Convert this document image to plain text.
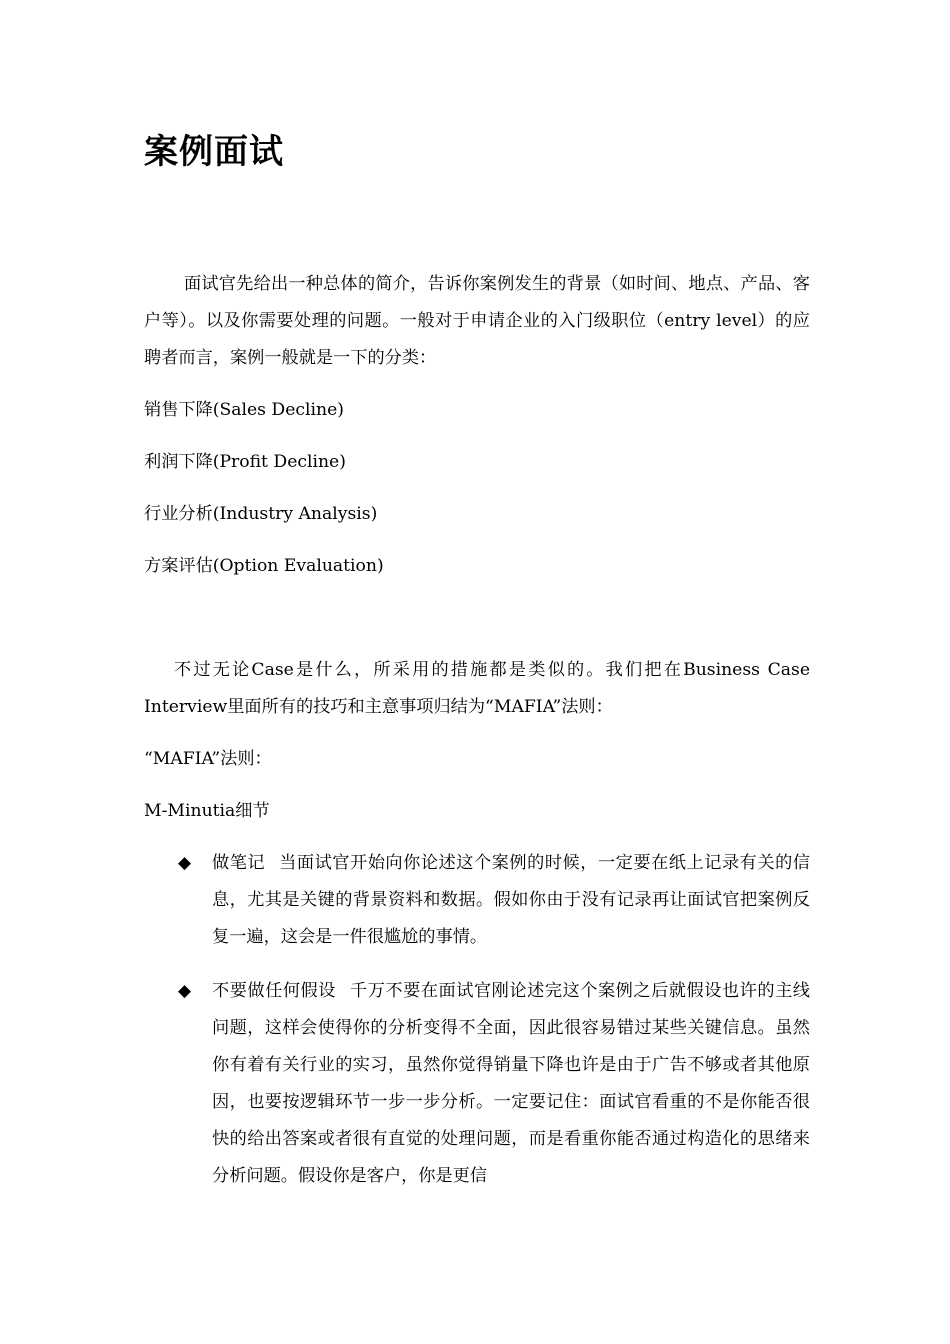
案例面试

面试官先给出一种总体的简介，告诉你案例发生的背景（如时间、地点、产品、客户等）。以及你需要处理的问题。一般对于申请企业的入门级职位（entry level）的应聘者而言，案例一般就是一下的分类：

销售下降(Sales Decline)

利润下降(Profit Decline)

行业分析(Industry Analysis)

方案评估(Option Evaluation)

不过无论Case是什么，所采用的措施都是类似的。我们把在Business Case Interview里面所有的技巧和主意事项归结为“MAFIA”法则：

“MAFIA”法则：

M-Minutia细节

◆ 做笔记 当面试官开始向你论述这个案例的时候，一定要在纸上记录有关的信息，尤其是关键的背景资料和数据。假如你由于没有记录再让面试官把案例反复一遍，这会是一件很尴尬的事情。

◆ 不要做任何假设 千万不要在面试官刚论述完这个案例之后就假设也许的主线问题，这样会使得你的分析变得不全面，因此很容易错过某些关键信息。虽然你有着有关行业的实习，虽然你觉得销量下降也许是由于广告不够或者其他原因，也要按逻辑环节一步一步分析。一定要记住：面试官看重的不是你能否很快的给出答案或者很有直觉的处理问题，而是看重你能否通过构造化的思绪来分析问题。假设你是客户，你是更信
